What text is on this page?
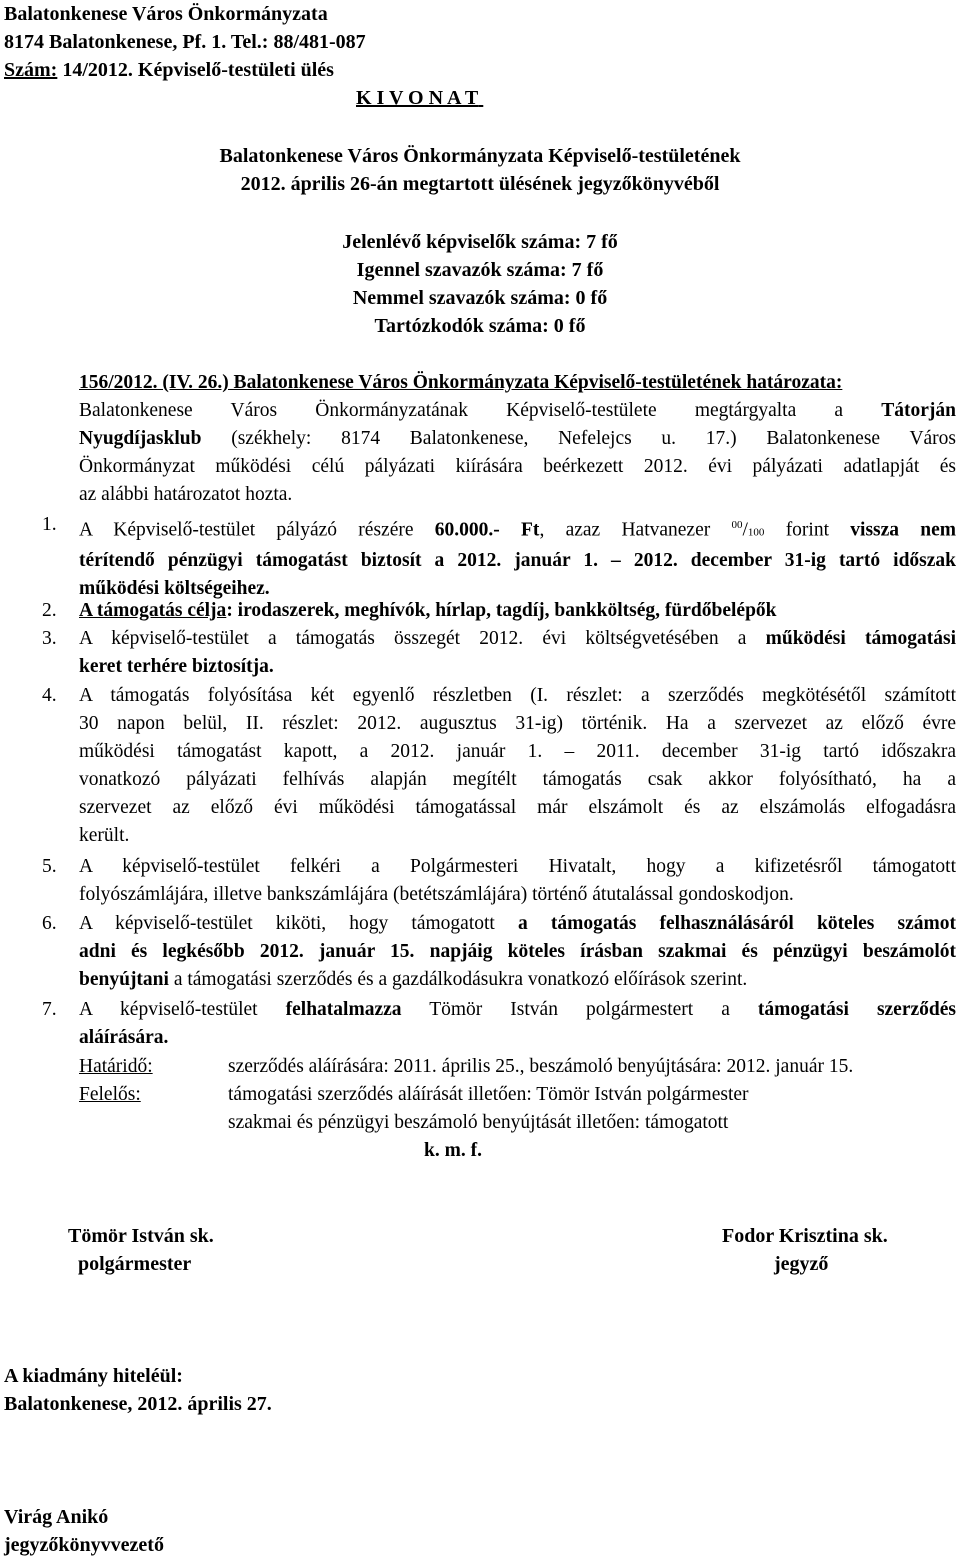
Balatonkenese Város Önkormányzata
8174 Balatonkenese, Pf. 1. Tel.: 88/481-087
Szám: 14/2012. Képviselő-testületi ülés
K I V O N A T
Balatonkenese Város Önkormányzata Képviselő-testületének
2012. április 26-án megtartott ülésének jegyzőkönyvéből
Jelenlévő képviselők száma: 7 fő
Igennel szavazók száma: 7 fő
Nemmel szavazók száma: 0 fő
Tartózkodók száma: 0 fő
156/2012. (IV. 26.) Balatonkenese Város Önkormányzata Képviselő-testületének határozata:
Balatonkenese Város Önkormányzatának Képviselő-testülete megtárgyalta a Tátorján
Nyugdíjasklub (székhely: 8174 Balatonkenese, Nefelejcs u. 17.) Balatonkenese Város
Önkormányzat működési célú pályázati kiírására beérkezett 2012. évi pályázati adatlapját és
az alábbi határozatot hozta.
1. A Képviselő-testület pályázó részére 60.000.- Ft, azaz Hatvanezer $^{00}$/100 forint vissza nem
térítendő pénzügyi támogatást biztosít a 2012. január 1. – 2012. december 31-ig tartó időszak
működési költségeihez.
2. A támogatás célja: irodaszerek, meghívók, hírlap, tagdíj, bankköltség, fürdőbelépők
3. A képviselő-testület a támogatás összegét 2012. évi költségvetésében a működési támogatási
keret terhére biztosítja.
4. A támogatás folyósítása két egyenlő részletben (I. részlet: a szerződés megkötésétől számított
30 napon belül, II. részlet: 2012. augusztus 31-ig) történik. Ha a szervezet az előző évre
működési támogatást kapott, a 2012. január 1. – 2011. december 31-ig tartó időszakra
vonatkozó pályázati felhívás alapján megítélt támogatás csak akkor folyósítható, ha a
szervezet az előző évi működési támogatással már elszámolt és az elszámolás elfogadásra
került.
5. A képviselő-testület felkéri a Polgármesteri Hivatalt, hogy a kifizetésről támogatott
folyószámlájára, illetve bankszámlájára (betétszámlájára) történő átutalással gondoskodjon.
6. A képviselő-testület kiköti, hogy támogatott a támogatás felhasználásáról köteles számot
adni és legkésőbb 2012. január 15. napjáig köteles írásban szakmai és pénzügyi beszámolót
benyújtani a támogatási szerződés és a gazdálkodásukra vonatkozó előírások szerint.
7. A képviselő-testület felhatalmazza Tömör István polgármestert a támogatási szerződés
aláírására.
Határidő:	szerződés aláírására: 2011. április 25., beszámoló benyújtására: 2012. január 15.
Felelős:	támogatási szerződés aláírását illetően: Tömör István polgármester
szakmai és pénzügyi beszámoló benyújtását illetően: támogatott
k. m. f.
Tömör István sk.
polgármester
Fodor Krisztina sk.
jegyző
A kiadmány hiteléül:
Balatonkenese, 2012. április 27.
Virág Anikó
jegyzőkönyvvezető
